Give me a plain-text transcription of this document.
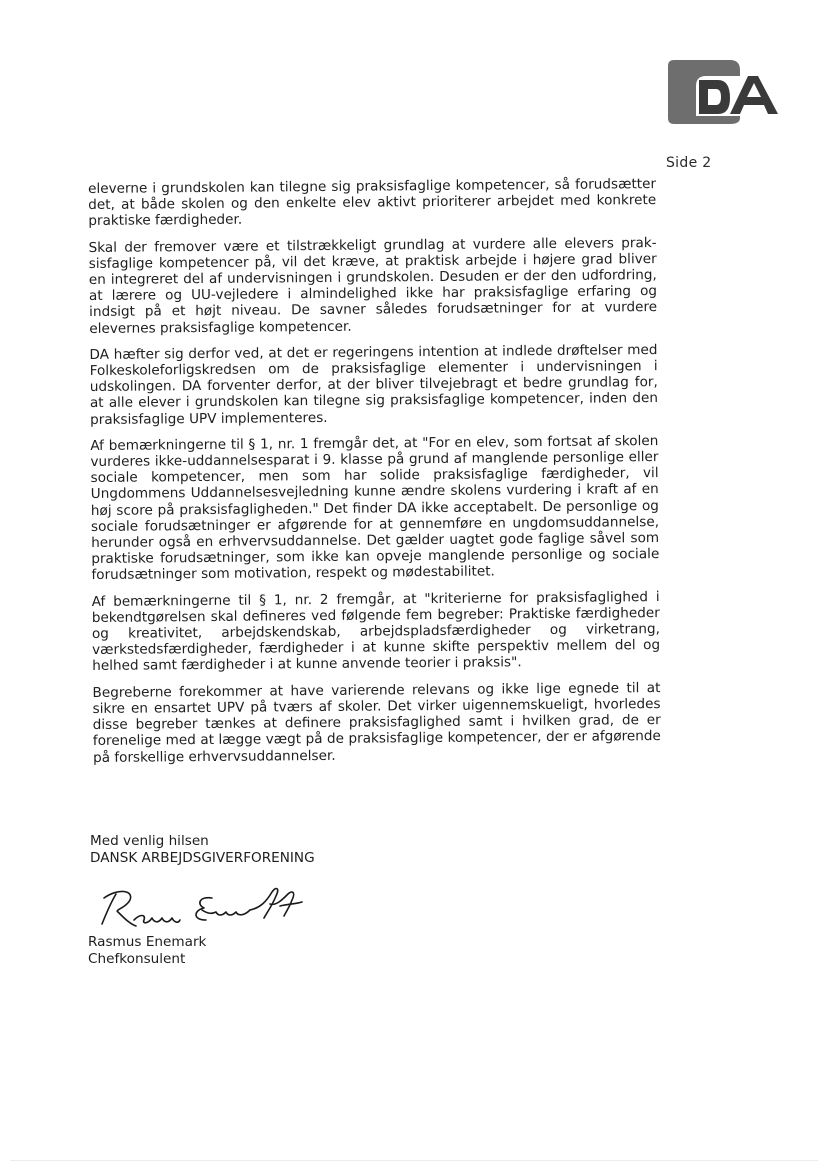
Side 2

eleverne i grundskolen kan tilegne sig praksisfaglige kompetencer, så forudsætter det, at både skolen og den enkelte elev aktivt prioriterer arbejdet med konkrete praktiske færdigheder.

Skal der fremover være et tilstrækkeligt grundlag at vurdere alle elevers praksisfaglige kompetencer på, vil det kræve, at praktisk arbejde i højere grad bliver en integreret del af undervisningen i grundskolen. Desuden er der den udfordring, at lærere og UU-vejledere i almindelighed ikke har praksisfaglige erfaring og indsigt på et højt niveau. De savner således forudsætninger for at vurdere elevernes praksisfaglige kompetencer.

DA hæfter sig derfor ved, at det er regeringens intention at indlede drøftelser med Folkeskoleforligskredsen om de praksisfaglige elementer i undervisningen i udskolingen. DA forventer derfor, at der bliver tilvejebragt et bedre grundlag for, at alle elever i grundskolen kan tilegne sig praksisfaglige kompetencer, inden den praksisfaglige UPV implementeres.

Af bemærkningerne til § 1, nr. 1 fremgår det, at "For en elev, som fortsat af skolen vurderes ikke-uddannelsesparat i 9. klasse på grund af manglende personlige eller sociale kompetencer, men som har solide praksisfaglige færdigheder, vil Ungdommens Uddannelsesvejledning kunne ændre skolens vurdering i kraft af en høj score på praksisfagligheden." Det finder DA ikke acceptabelt. De personlige og sociale forudsætninger er afgørende for at gennemføre en ungdomsuddannelse, herunder også en erhvervsuddannelse. Det gælder uagtet gode faglige såvel som praktiske forudsætninger, som ikke kan opveje manglende personlige og sociale forudsætninger som motivation, respekt og mødestabilitet.

Af bemærkningerne til § 1, nr. 2 fremgår, at "kriterierne for praksisfaglighed i bekendtgørelsen skal defineres ved følgende fem begreber: Praktiske færdigheder og kreativitet, arbejdskendskab, arbejdspladsfærdigheder og virketrang, værkstedsfærdigheder, færdigheder i at kunne skifte perspektiv mellem del og helhed samt færdigheder i at kunne anvende teorier i praksis".

Begreberne forekommer at have varierende relevans og ikke lige egnede til at sikre en ensartet UPV på tværs af skoler. Det virker uigennemskueligt, hvorledes disse begreber tænkes at definere praksisfaglighed samt i hvilken grad, de er forenelige med at lægge vægt på de praksisfaglige kompetencer, der er afgørende på forskellige erhvervsuddannelser.

Med venlig hilsen
DANSK ARBEJDSGIVERFORENING
Rasmus Enemark
Chefkonsulent
